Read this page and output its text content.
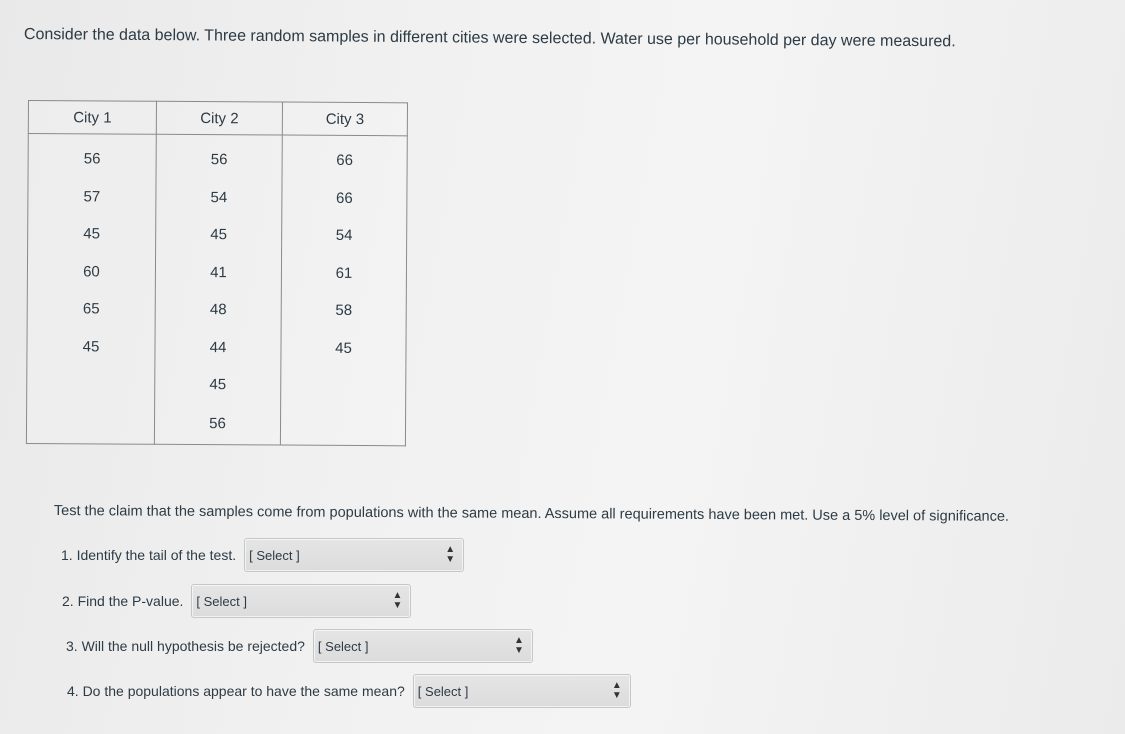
Consider the data below. Three random samples in different cities were selected. Water use per household per day were measured.
City 1	City 2	City 3
56	56	66
57	54	66
45	45	54
60	41	61
65	48	58
45	44	45
	45	
	56	
Test the claim that the samples come from populations with the same mean. Assume all requirements have been met. Use a 5% level of significance.
1. Identify the tail of the test. [ Select ]	▲
▼
2. Find the P-value. [ Select ]	▲
▼
3. Will the null hypothesis be rejected? [ Select ]	▲
▼
4. Do the populations appear to have the same mean? [ Select ]	▲
▼
